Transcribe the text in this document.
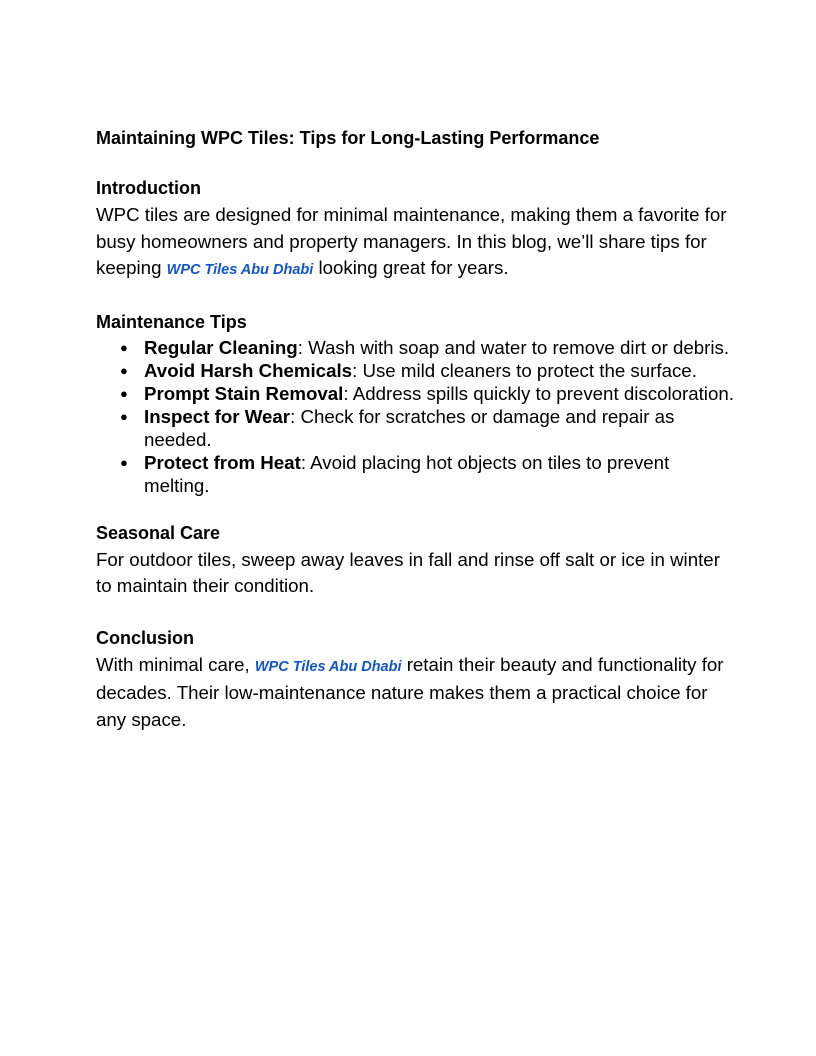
Maintaining WPC Tiles: Tips for Long-Lasting Performance

Introduction

WPC tiles are designed for minimal maintenance, making them a favorite for busy homeowners and property managers. In this blog, we’ll share tips for keeping WPC Tiles Abu Dhabi looking great for years.

Maintenance Tips

● Regular Cleaning: Wash with soap and water to remove dirt or debris.
● Avoid Harsh Chemicals: Use mild cleaners to protect the surface.
● Prompt Stain Removal: Address spills quickly to prevent discoloration.
● Inspect for Wear: Check for scratches or damage and repair as needed.
● Protect from Heat: Avoid placing hot objects on tiles to prevent melting.

Seasonal Care

For outdoor tiles, sweep away leaves in fall and rinse off salt or ice in winter to maintain their condition.

Conclusion

With minimal care, WPC Tiles Abu Dhabi retain their beauty and functionality for decades. Their low-maintenance nature makes them a practical choice for any space.
